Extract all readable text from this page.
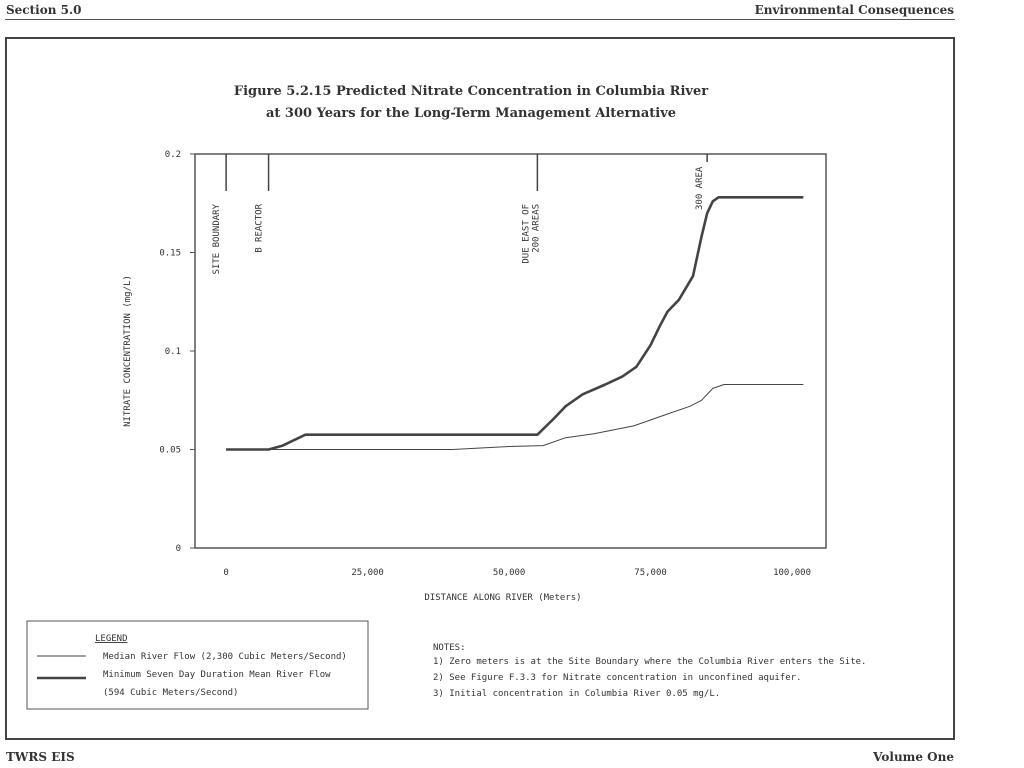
Section 5.0	Environmental Consequences
Figure 5.2.15 Predicted Nitrate Concentration in Columbia River
at 300 Years for the Long-Term Management Alternative
0
0.05
0.1
0.15
0.2
0	25,000	50,000	75,000	100,000
SITE BOUNDARY	B REACTOR	DUE EAST OF 200 AREAS
300 AREA
DISTANCE ALONG RIVER (Meters)
NITRATE CONCENTRATION (mg/L)
LEGEND
Median River Flow (2,300 Cubic Meters/Second)
Minimum Seven Day Duration Mean River Flow
(594 Cubic Meters/Second)
NOTES:
1) Zero meters is at the Site Boundary where the Columbia River enters the Site.
2) See Figure F.3.3 for Nitrate concentration in unconfined aquifer.
3) Initial concentration in Columbia River 0.05 mg/L.
TWRS EIS	Volume One
